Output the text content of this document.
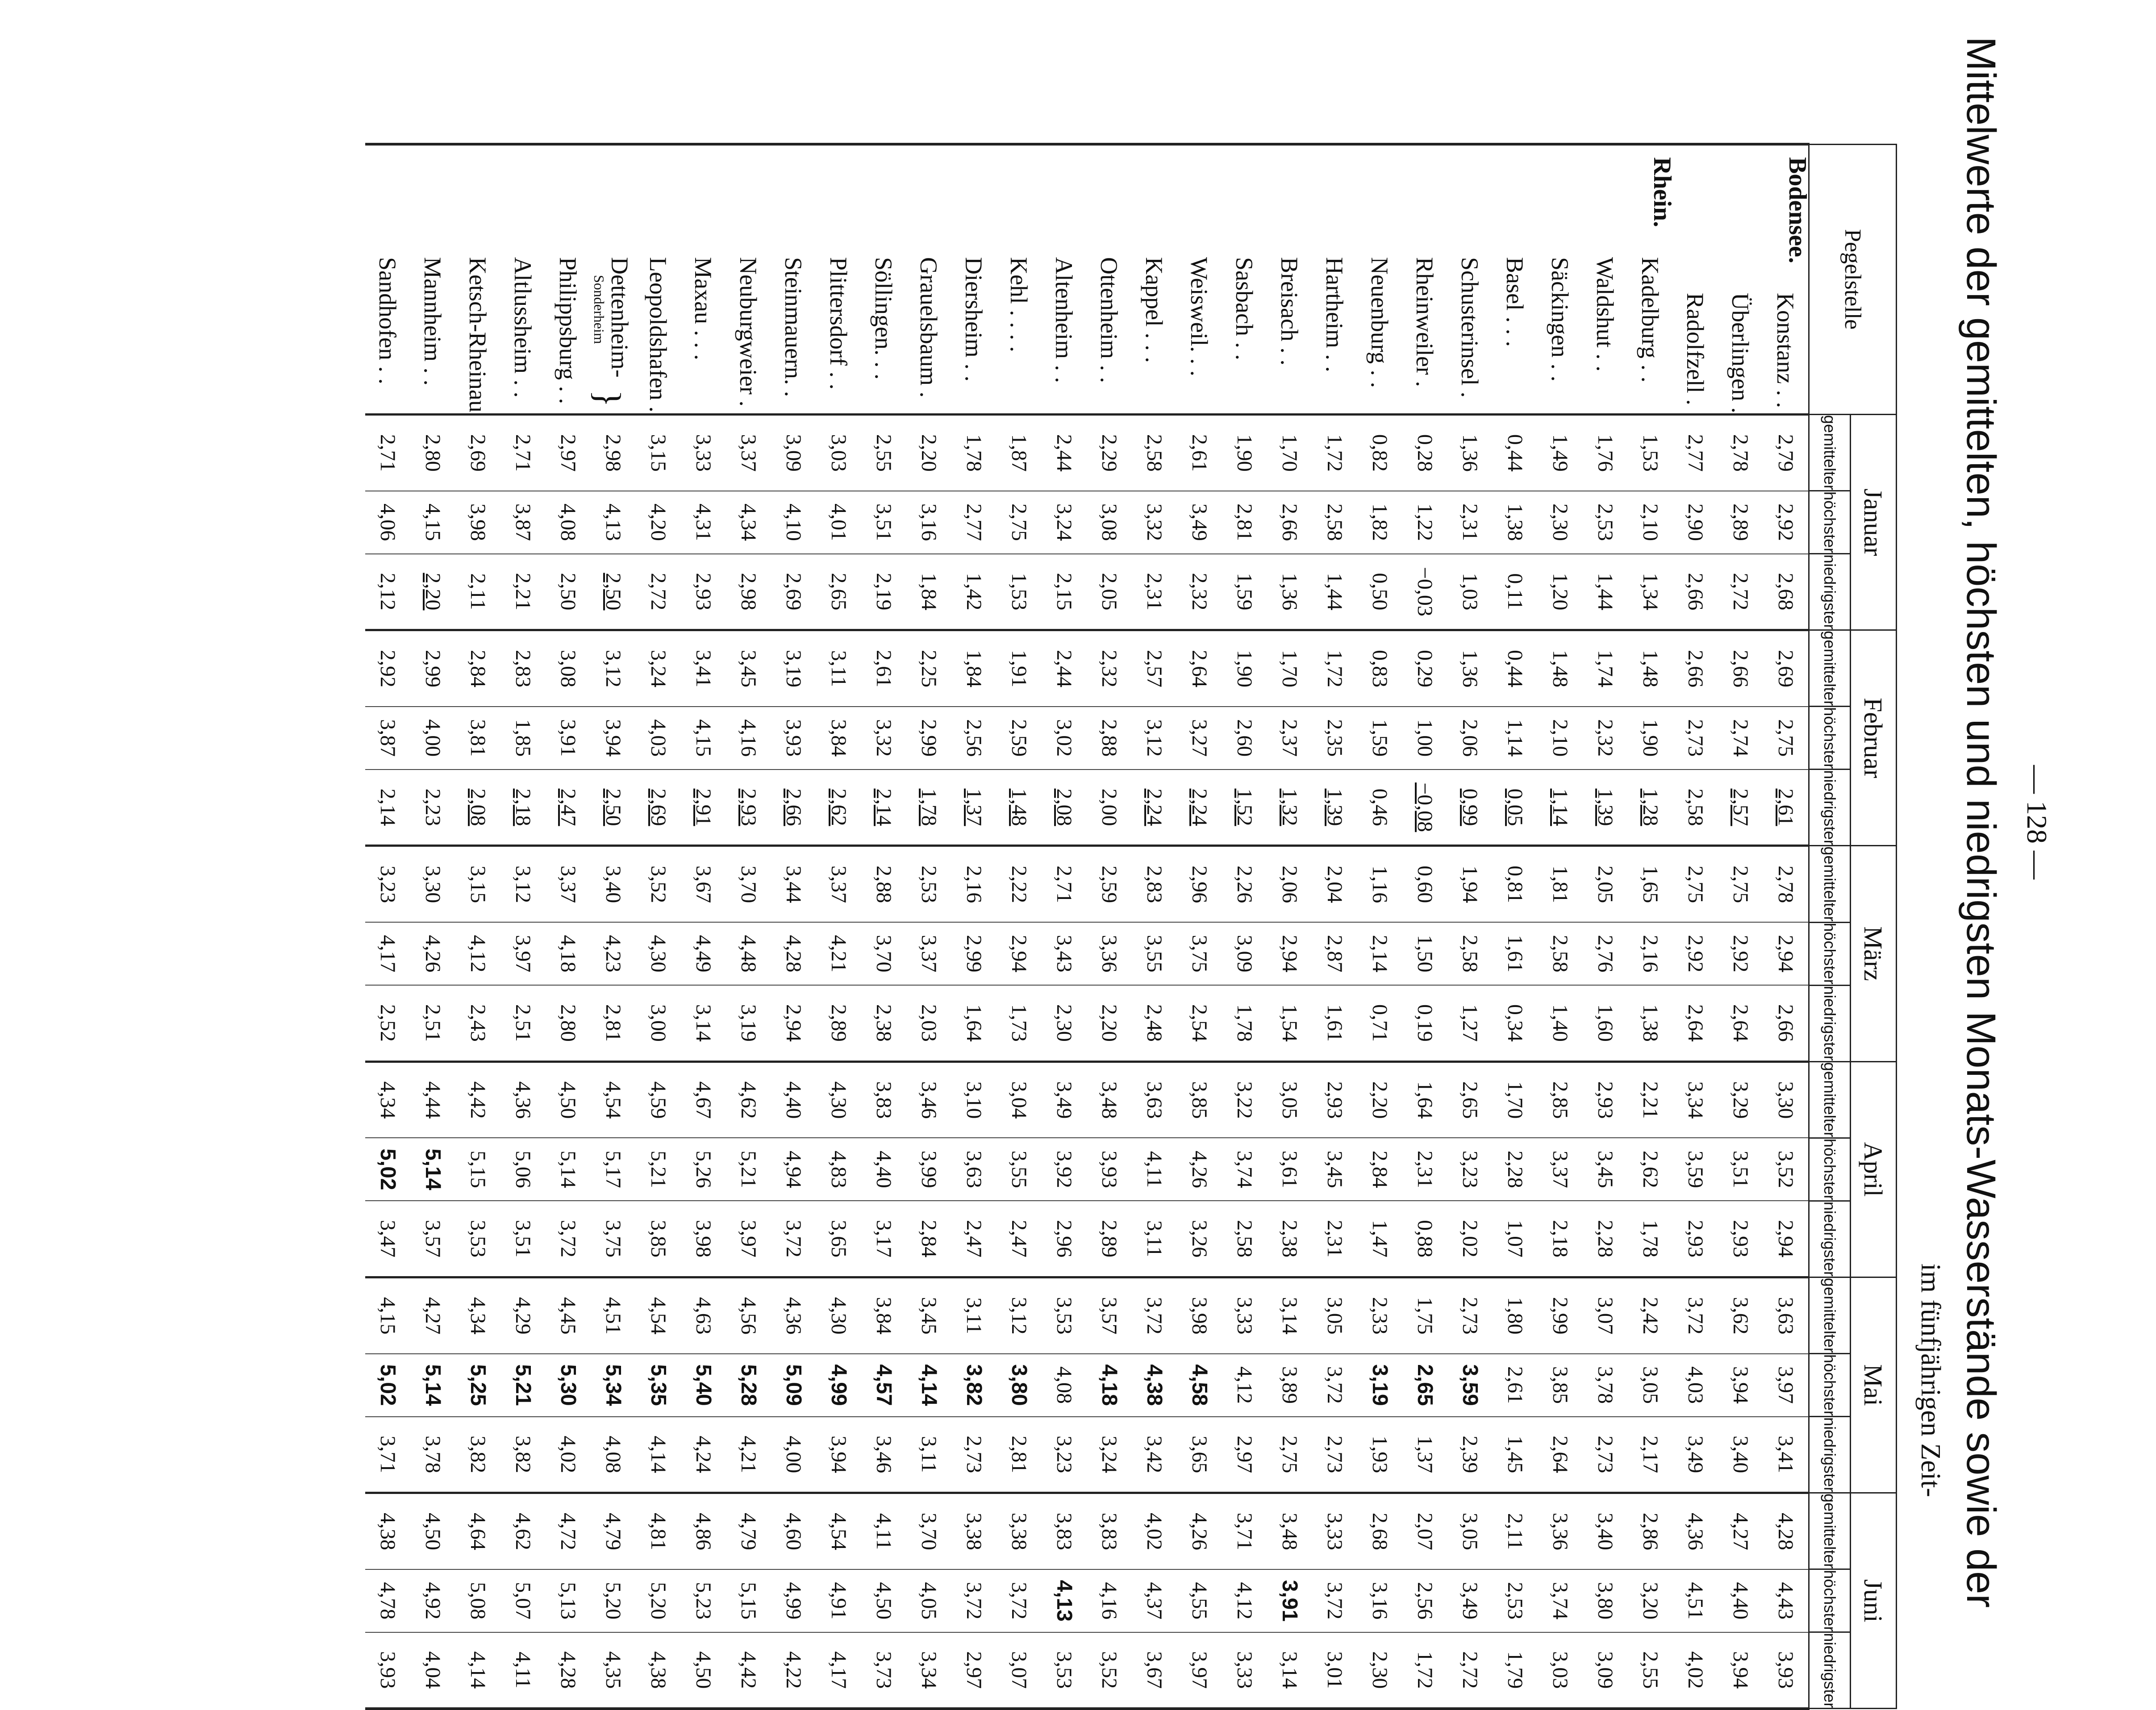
— 128 —
Mittelwerte der gemittelten, höchsten und niedrigsten Monats-Wasserstände sowie der
im fünfjährigen Zeit-
Pegelstelle	Januar			Februar			März			April			Mai			Juni		
	gemittelter	höchster	niedrigster	gemittelter	höchster	niedrigster	gemittelter	höchster	niedrigster	gemittelter	höchster	niedrigster	gemittelter	höchster	niedrigster	gemittelter	höchster	niedrigster

Bodensee.
Konstanz . .	2,79	2,92	2,68	2,69	2,75	2,61	2,78	2,94	2,66	3,30	3,52	2,94	3,63	3,97	3,41	4,28	4,43	3,93
Überlingen .	2,78	2,89	2,72	2,66	2,74	2,57	2,75	2,92	2,64	3,29	3,51	2,93	3,62	3,94	3,40	4,27	4,40	3,94
Radolfzell .	2,77	2,90	2,66	2,66	2,73	2,58	2,75	2,92	2,64	3,34	3,59	2,93	3,72	4,03	3,49	4,36	4,51	4,02

Rhein.
Kadelburg . .	1,53	2,10	1,34	1,48	1,90	1,28	1,65	2,16	1,38	2,21	2,62	1,78	2,42	3,05	2,17	2,86	3,20	2,55
Waldshut . .	1,76	2,53	1,44	1,74	2,32	1,39	2,05	2,76	1,60	2,93	3,45	2,28	3,07	3,78	2,73	3,40	3,80	3,09
Säckingen . .	1,49	2,30	1,20	1,48	2,10	1,14	1,81	2,58	1,40	2,85	3,37	2,18	2,99	3,85	2,64	3,36	3,74	3,03
Basel . . .	0,44	1,38	0,11	0,44	1,14	0,05	0,81	1,61	0,34	1,70	2,28	1,07	1,80	2,61	1,45	2,11	2,53	1,79
Schusterinsel .	1,36	2,31	1,03	1,36	2,06	0,99	1,94	2,58	1,27	2,65	3,23	2,02	2,73	3,59	2,39	3,05	3,49	2,72
Rheinweiler .	0,28	1,22	−0,03	0,29	1,00	−0,08	0,60	1,50	0,19	1,64	2,31	0,88	1,75	2,65	1,37	2,07	2,56	1,72
Neuenburg . .	0,82	1,82	0,50	0,83	1,59	0,46	1,16	2,14	0,71	2,20	2,84	1,47	2,33	3,19	1,93	2,68	3,16	2,30
Hartheim . .	1,72	2,58	1,44	1,72	2,35	1,39	2,04	2,87	1,61	2,93	3,45	2,31	3,05	3,72	2,73	3,33	3,72	3,01
Breisach . .	1,70	2,66	1,36	1,70	2,37	1,32	2,06	2,94	1,54	3,05	3,61	2,38	3,14	3,89	2,75	3,48	3,91	3,14
Sasbach . .	1,90	2,81	1,59	1,90	2,60	1,52	2,26	3,09	1,78	3,22	3,74	2,58	3,33	4,12	2,97	3,71	4,12	3,33
Weisweil. . .	2,61	3,49	2,32	2,64	3,27	2,24	2,96	3,75	2,54	3,85	4,26	3,26	3,98	4,58	3,65	4,26	4,55	3,97
Kappel . . .	2,58	3,32	2,31	2,57	3,12	2,24	2,83	3,55	2,48	3,63	4,11	3,11	3,72	4,38	3,42	4,02	4,37	3,67
Ottenheim . .	2,29	3,08	2,05	2,32	2,88	2,00	2,59	3,36	2,20	3,48	3,93	2,89	3,57	4,18	3,24	3,83	4,16	3,52
Altenheim . .	2,44	3,24	2,15	2,44	3,02	2,08	2,71	3,43	2,30	3,49	3,92	2,96	3,53	4,08	3,23	3,83	4,13	3,53
Kehl . . . .	1,87	2,75	1,53	1,91	2,59	1,48	2,22	2,94	1,73	3,04	3,55	2,47	3,12	3,80	2,81	3,38	3,72	3,07
Diersheim . .	1,78	2,77	1,42	1,84	2,56	1,37	2,16	2,99	1,64	3,10	3,63	2,47	3,11	3,82	2,73	3,38	3,72	2,97
Grauelsbaum .	2,20	3,16	1,84	2,25	2,99	1,78	2,53	3,37	2,03	3,46	3,99	2,84	3,45	4,14	3,11	3,70	4,05	3,34
Söllingen. . .	2,55	3,51	2,19	2,61	3,32	2,14	2,88	3,70	2,38	3,83	4,40	3,17	3,84	4,57	3,46	4,11	4,50	3,73
Plittersdorf . .	3,03	4,01	2,65	3,11	3,84	2,62	3,37	4,21	2,89	4,30	4,83	3,65	4,30	4,99	3,94	4,54	4,91	4,17
Steinmauern. .	3,09	4,10	2,69	3,19	3,93	2,66	3,44	4,28	2,94	4,40	4,94	3,72	4,36	5,09	4,00	4,60	4,99	4,22
Neuburgweier .	3,37	4,34	2,98	3,45	4,16	2,93	3,70	4,48	3,19	4,62	5,21	3,97	4,56	5,28	4,21	4,79	5,15	4,42
Maxau . . .	3,33	4,31	2,93	3,41	4,15	2,91	3,67	4,49	3,14	4,67	5,26	3,98	4,63	5,40	4,24	4,86	5,23	4,50
Leopoldshafen .	3,15	4,20	2,72	3,24	4,03	2,69	3,52	4,30	3,00	4,59	5,21	3,85	4,54	5,35	4,14	4,81	5,20	4,38
Dettenheim-
Sonderheim
}	2,98	4,13	2,50	3,12	3,94	2,50	3,40	4,23	2,81	4,54	5,17	3,75	4,51	5,34	4,08	4,79	5,20	4,35
Philippsburg . .	2,97	4,08	2,50	3,08	3,91	2,47	3,37	4,18	2,80	4,50	5,14	3,72	4,45	5,30	4,02	4,72	5,13	4,28
Altlussheim . .	2,71	3,87	2,21	2,83	1,85	2,18	3,12	3,97	2,51	4,36	5,06	3,51	4,29	5,21	3,82	4,62	5,07	4,11
Ketsch-Rheinau	2,69	3,98	2,11	2,84	3,81	2,08	3,15	4,12	2,43	4,42	5,15	3,53	4,34	5,25	3,82	4,64	5,08	4,14
Mannheim . .	2,80	4,15	2,20	2,99	4,00	2,23	3,30	4,26	2,51	4,44	5,14	3,57	4,27	5,14	3,78	4,50	4,92	4,04
Sandhofen . .	2,71	4,06	2,12	2,92	3,87	2,14	3,23	4,17	2,52	4,34	5,02	3,47	4,15	5,02	3,71	4,38	4,78	3,93
